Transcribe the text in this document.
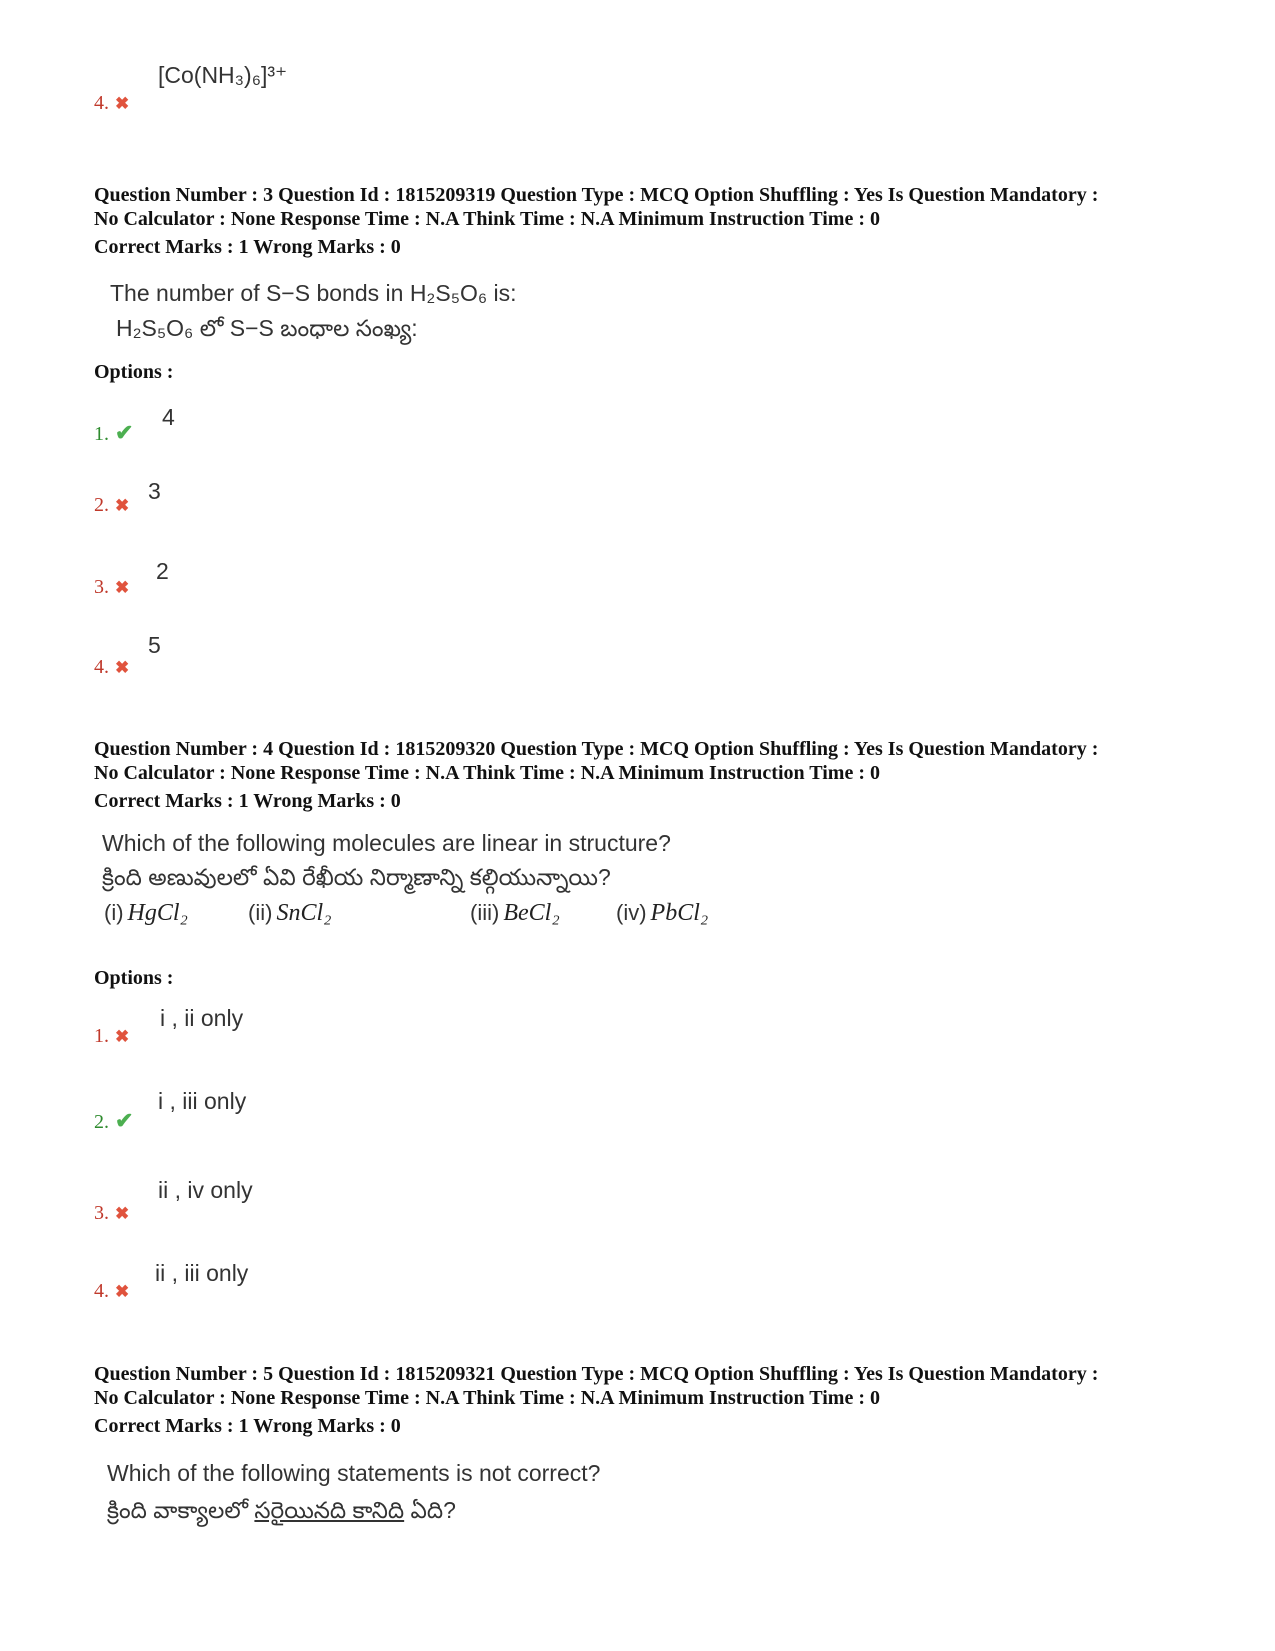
[Co(NH₃)₆]³⁺
4. ✖
Question Number : 3 Question Id : 1815209319 Question Type : MCQ Option Shuffling : Yes Is Question Mandatory :
No Calculator : None Response Time : N.A Think Time : N.A Minimum Instruction Time : 0
Correct Marks : 1 Wrong Marks : 0
The number of S−S bonds in H₂S₅O₆ is:
H₂S₅O₆ లో S−S బంధాల సంఖ్య:
Options :
4
1. ✔
3
2. ✖
2
3. ✖
5
4. ✖
Question Number : 4 Question Id : 1815209320 Question Type : MCQ Option Shuffling : Yes Is Question Mandatory :
No Calculator : None Response Time : N.A Think Time : N.A Minimum Instruction Time : 0
Correct Marks : 1 Wrong Marks : 0
Which of the following molecules are linear in structure?
క్రింది అణువులలో ఏవి రేఖీయ నిర్మాణాన్ని కల్గియున్నాయి?
(i) HgCl₂	(ii) SnCl₂	(iii) BeCl₂	(iv) PbCl₂
Options :
i , ii only
1. ✖
i , iii only
2. ✔
ii , iv only
3. ✖
ii , iii only
4. ✖
Question Number : 5 Question Id : 1815209321 Question Type : MCQ Option Shuffling : Yes Is Question Mandatory :
No Calculator : None Response Time : N.A Think Time : N.A Minimum Instruction Time : 0
Correct Marks : 1 Wrong Marks : 0
Which of the following statements is not correct?
క్రింది వాక్యాలలో సరైయినది కానిది ఏది?
